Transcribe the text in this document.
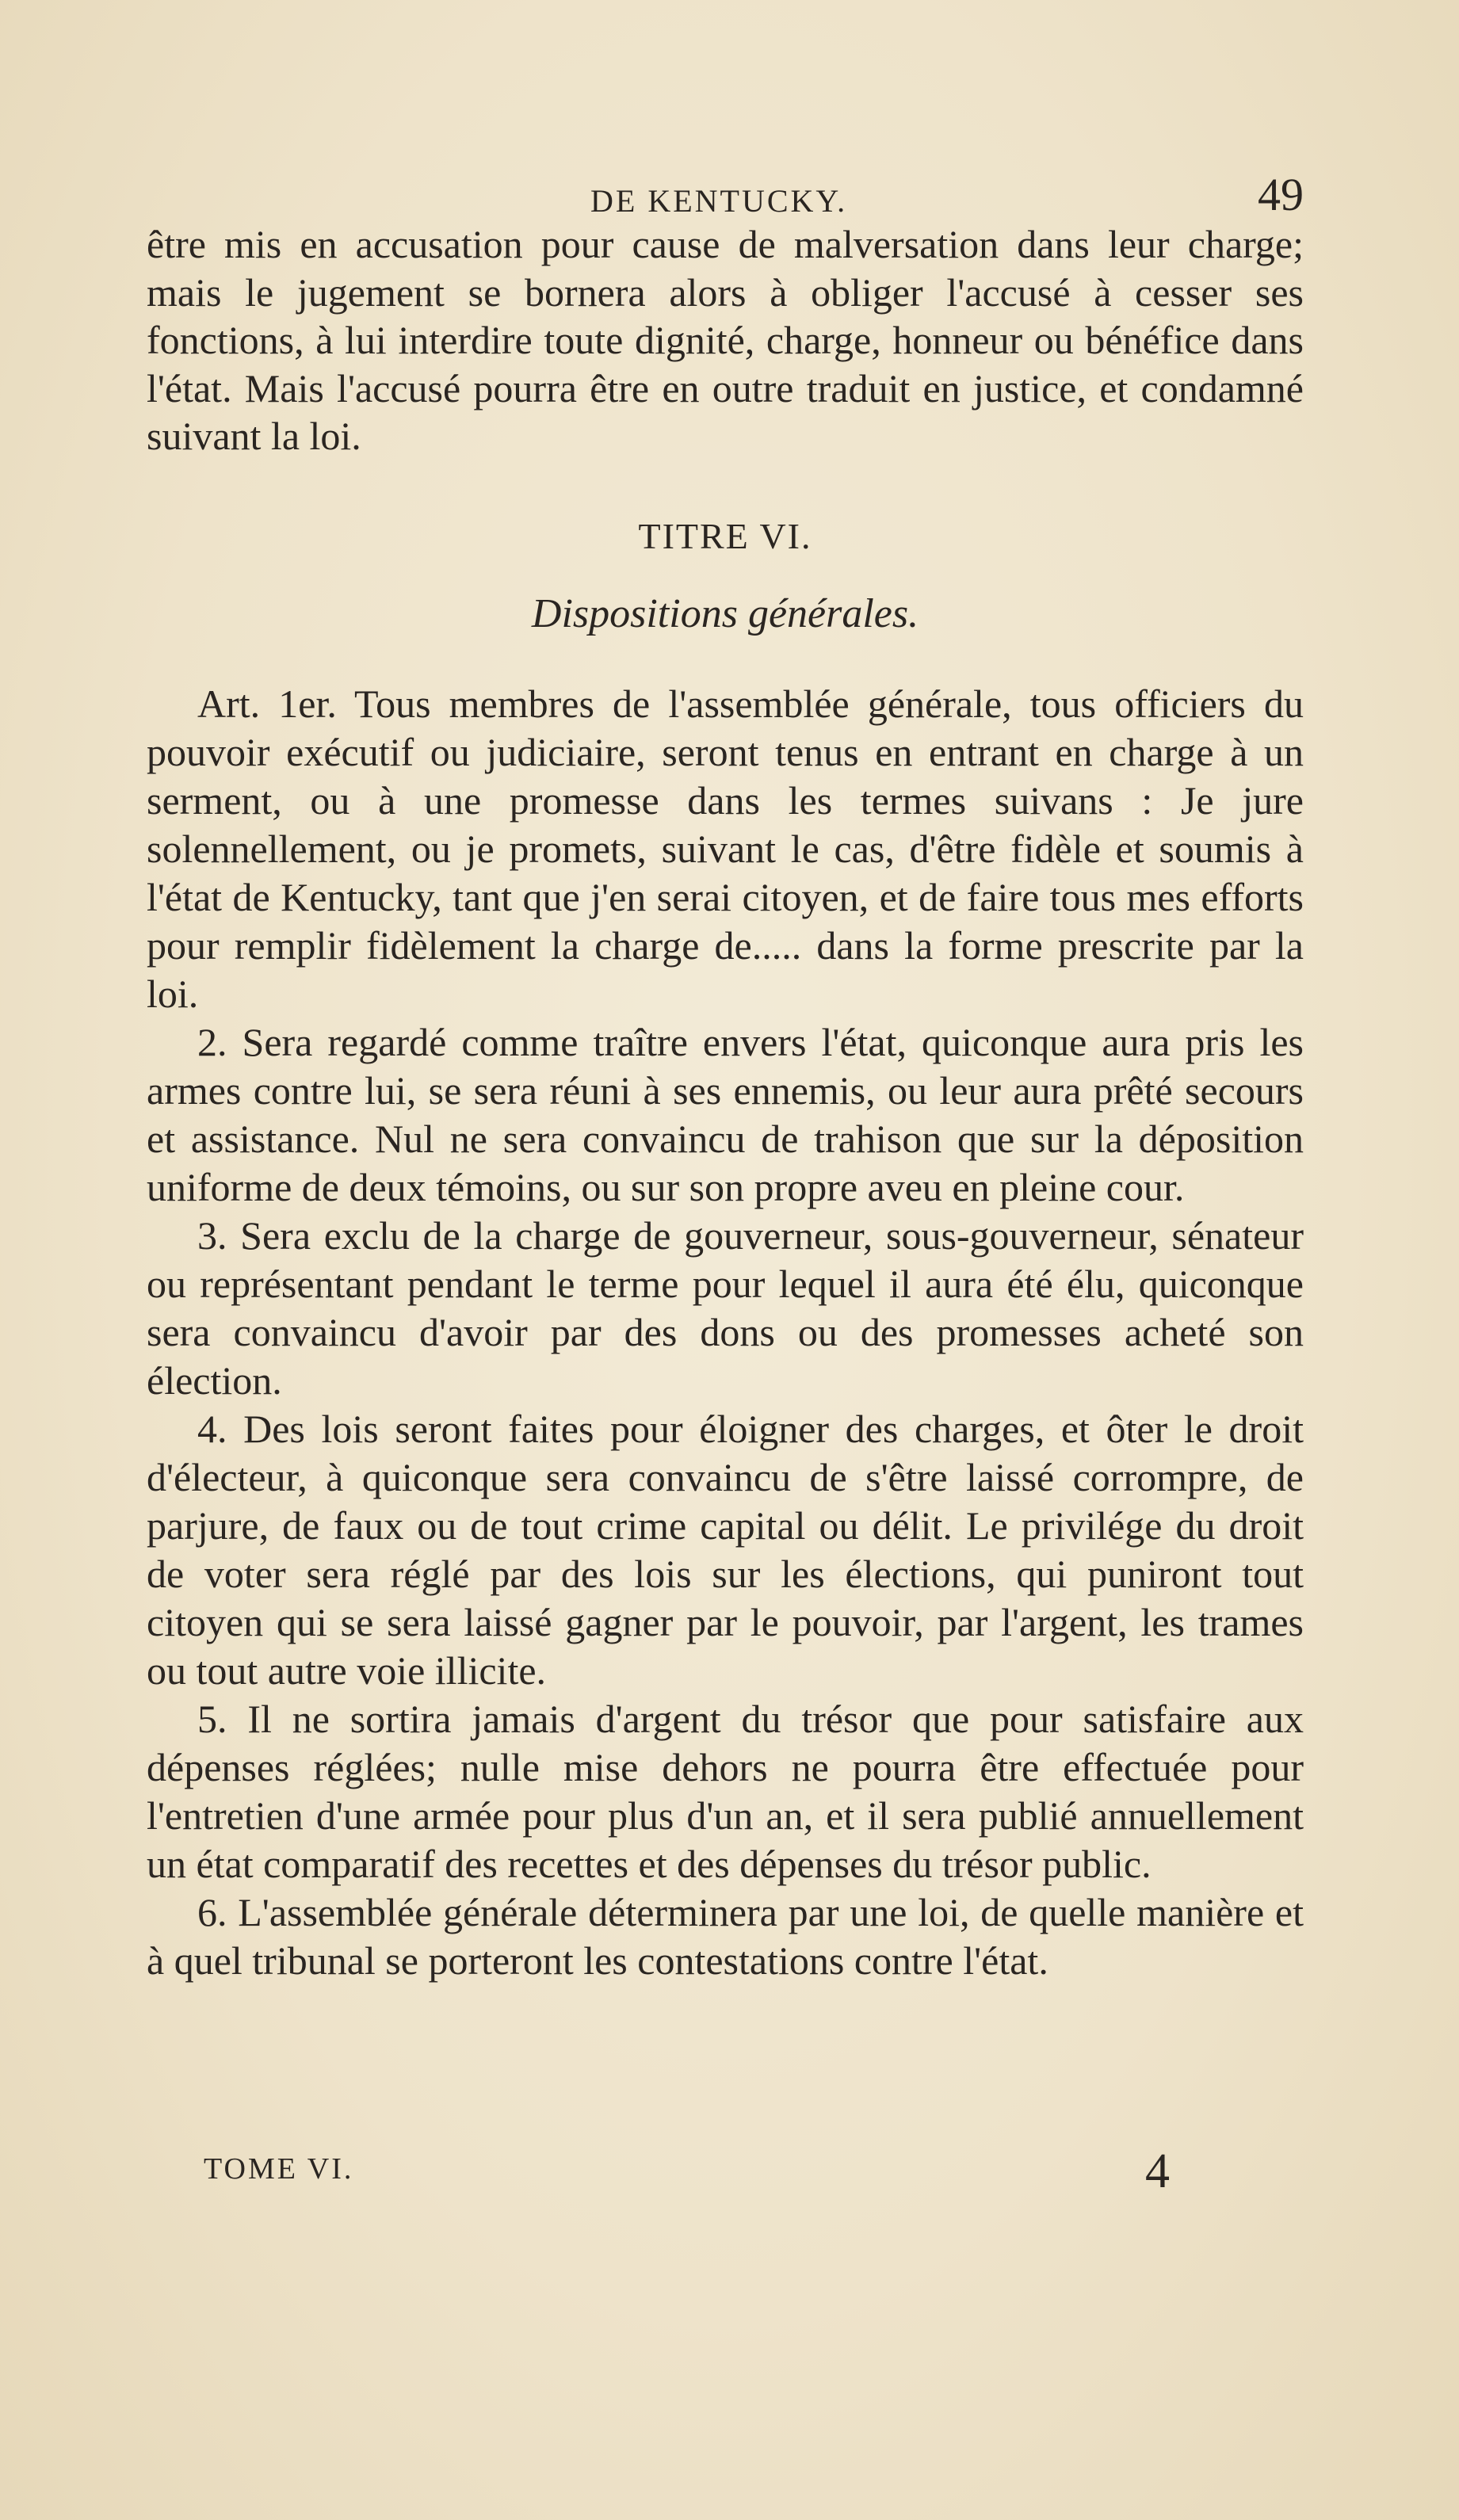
DE KENTUCKY.	49

être mis en accusation pour cause de malversation dans leur charge; mais le jugement se bornera alors à obliger l'accusé à cesser ses fonctions, à lui interdire toute dignité, charge, honneur ou bénéfice dans l'état. Mais l'accusé pourra être en outre traduit en justice, et condamné suivant la loi.

TITRE VI.
Dispositions générales.

Art. 1er. Tous membres de l'assemblée générale, tous officiers du pouvoir exécutif ou judiciaire, seront tenus en entrant en charge à un serment, ou à une promesse dans les termes suivans : Je jure solennellement, ou je promets, suivant le cas, d'être fidèle et soumis à l'état de Kentucky, tant que j'en serai citoyen, et de faire tous mes efforts pour remplir fidèlement la charge de..... dans la forme prescrite par la loi.

2. Sera regardé comme traître envers l'état, quiconque aura pris les armes contre lui, se sera réuni à ses ennemis, ou leur aura prêté secours et assistance. Nul ne sera convaincu de trahison que sur la déposition uniforme de deux témoins, ou sur son propre aveu en pleine cour.

3. Sera exclu de la charge de gouverneur, sous-gouverneur, sénateur ou représentant pendant le terme pour lequel il aura été élu, quiconque sera convaincu d'avoir par des dons ou des promesses acheté son élection.

4. Des lois seront faites pour éloigner des charges, et ôter le droit d'électeur, à quiconque sera convaincu de s'être laissé corrompre, de parjure, de faux ou de tout crime capital ou délit. Le privilége du droit de voter sera réglé par des lois sur les élections, qui puniront tout citoyen qui se sera laissé gagner par le pouvoir, par l'argent, les trames ou tout autre voie illicite.

5. Il ne sortira jamais d'argent du trésor que pour satisfaire aux dépenses réglées; nulle mise dehors ne pourra être effectuée pour l'entretien d'une armée pour plus d'un an, et il sera publié annuellement un état comparatif des recettes et des dépenses du trésor public.

6. L'assemblée générale déterminera par une loi, de quelle manière et à quel tribunal se porteront les contestations contre l'état.

TOME VI.	4
